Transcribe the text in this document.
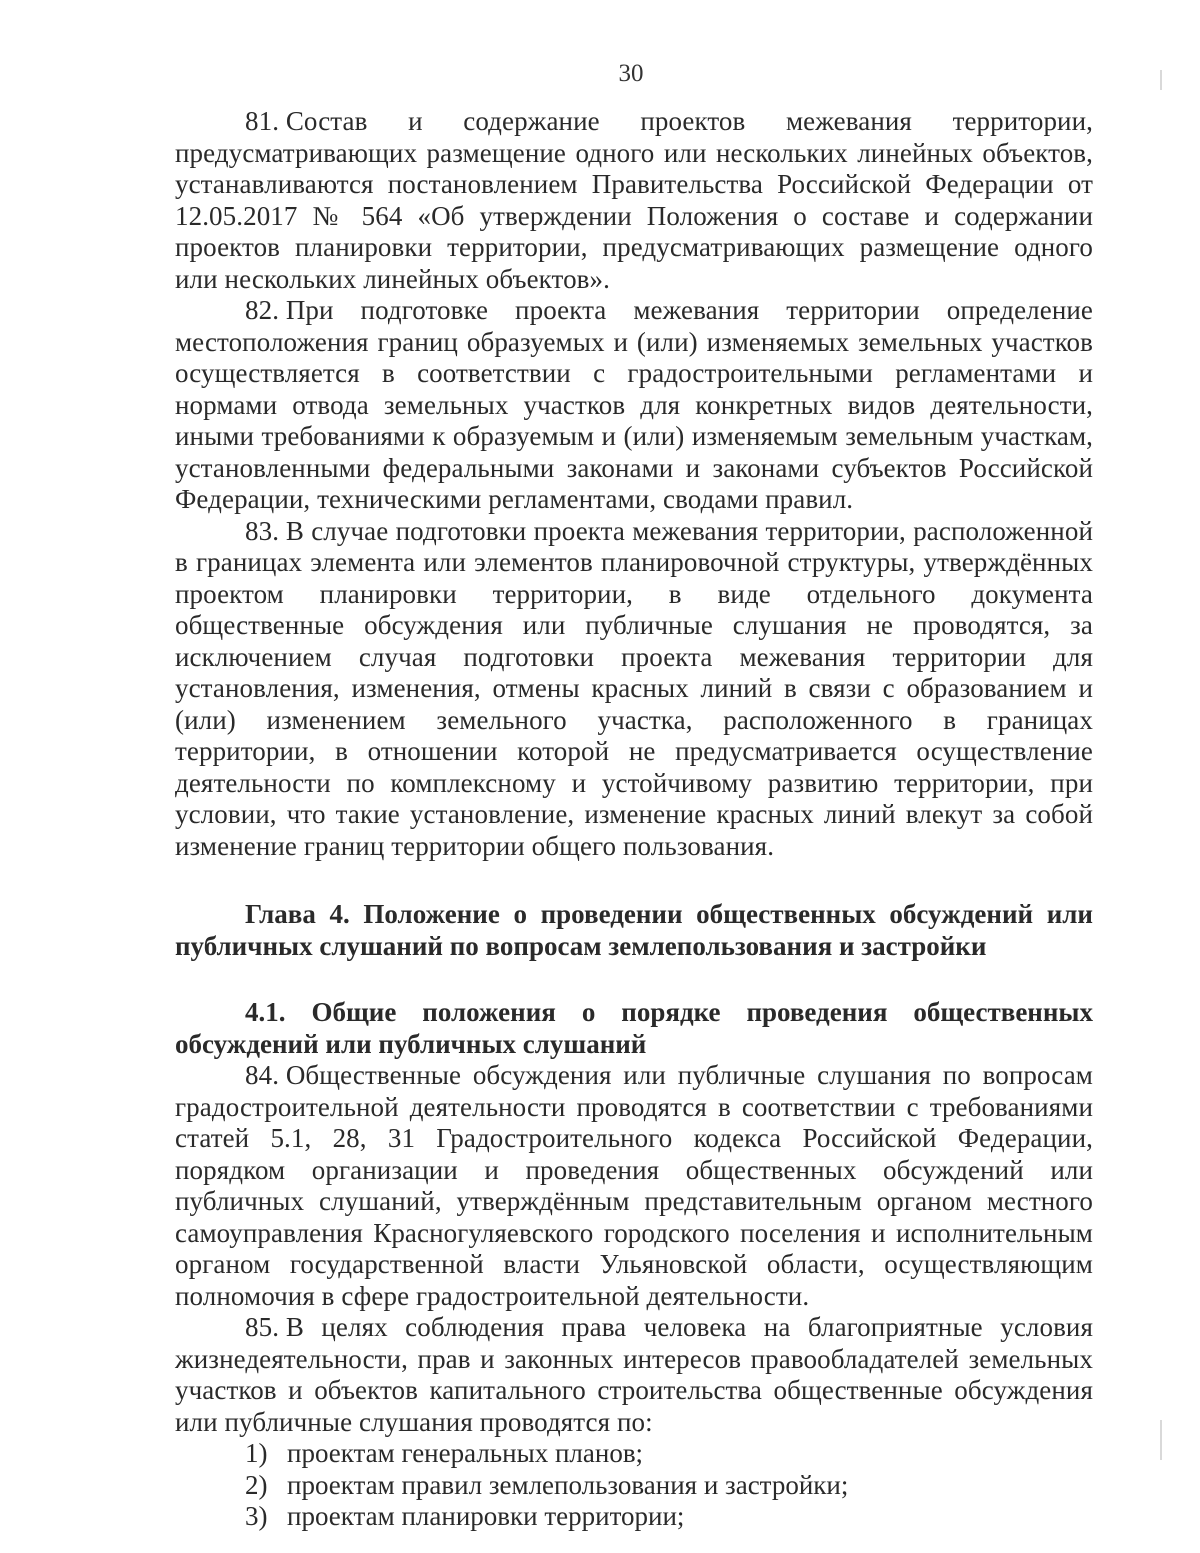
30

81. Состав и содержание проектов межевания территории, предусматривающих размещение одного или нескольких линейных объектов, устанавливаются постановлением Правительства Российской Федерации от 12.05.2017 № 564 «Об утверждении Положения о составе и содержании проектов планировки территории, предусматривающих размещение одного или нескольких линейных объектов».

82. При подготовке проекта межевания территории определение местоположения границ образуемых и (или) изменяемых земельных участков осуществляется в соответствии с градостроительными регламентами и нормами отвода земельных участков для конкретных видов деятельности, иными требованиями к образуемым и (или) изменяемым земельным участкам, установленными федеральными законами и законами субъектов Российской Федерации, техническими регламентами, сводами правил.

83. В случае подготовки проекта межевания территории, расположенной в границах элемента или элементов планировочной структуры, утверждённых проектом планировки территории, в виде отдельного документа общественные обсуждения или публичные слушания не проводятся, за исключением случая подготовки проекта межевания территории для установления, изменения, отмены красных линий в связи с образованием и (или) изменением земельного участка, расположенного в границах территории, в отношении которой не предусматривается осуществление деятельности по комплексному и устойчивому развитию территории, при условии, что такие установление, изменение красных линий влекут за собой изменение границ территории общего пользования.

Глава 4. Положение о проведении общественных обсуждений или публичных слушаний по вопросам землепользования и застройки

4.1. Общие положения о порядке проведения общественных обсуждений или публичных слушаний

84. Общественные обсуждения или публичные слушания по вопросам градостроительной деятельности проводятся в соответствии с требованиями статей 5.1, 28, 31 Градостроительного кодекса Российской Федерации, порядком организации и проведения общественных обсуждений или публичных слушаний, утверждённым представительным органом местного самоуправления Красногуляевского городского поселения и исполнительным органом государственной власти Ульяновской области, осуществляющим полномочия в сфере градостроительной деятельности.

85. В целях соблюдения права человека на благоприятные условия жизнедеятельности, прав и законных интересов правообладателей земельных участков и объектов капитального строительства общественные обсуждения или публичные слушания проводятся по:

1) проектам генеральных планов;
2) проектам правил землепользования и застройки;
3) проектам планировки территории;
